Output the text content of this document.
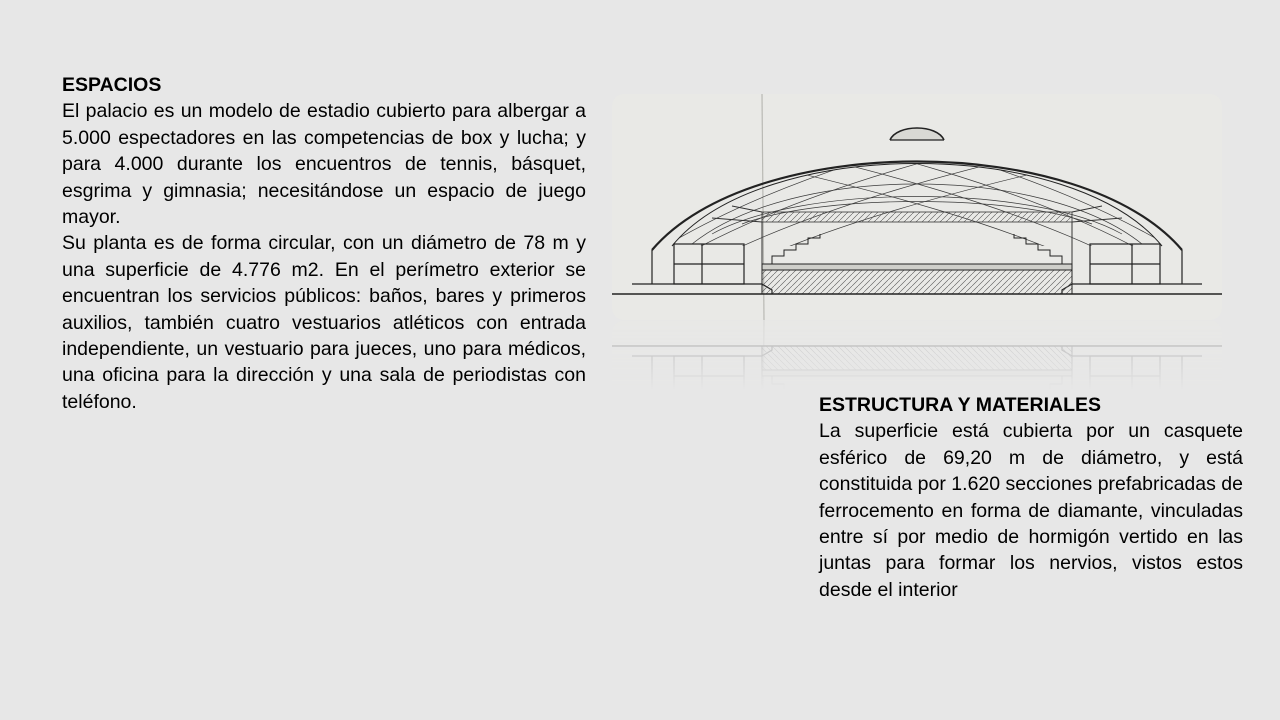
ESPACIOS

El palacio es un modelo de estadio cubierto para albergar a 5.000 espectadores en las competencias de box y lucha; y para 4.000 durante los encuentros de tennis, básquet, esgrima y gimnasia; necesitándose un espacio de juego mayor.

Su planta es de forma circular, con un diámetro de 78 m y una superficie de 4.776 m2. En el perímetro exterior se encuentran los servicios públicos: baños, bares y primeros auxilios, también cuatro vestuarios atléticos con entrada independiente, un vestuario para jueces, uno para médicos, una oficina para la dirección y una sala de periodistas con teléfono.	ESTRUCTURA Y MATERIALES

La superficie está cubierta por un casquete esférico de 69,20 m de diámetro, y está constituida por 1.620 secciones prefabricadas de ferrocemento en forma de diamante, vinculadas entre sí por medio de hormigón vertido en las juntas para formar los nervios, vistos estos desde el interior
